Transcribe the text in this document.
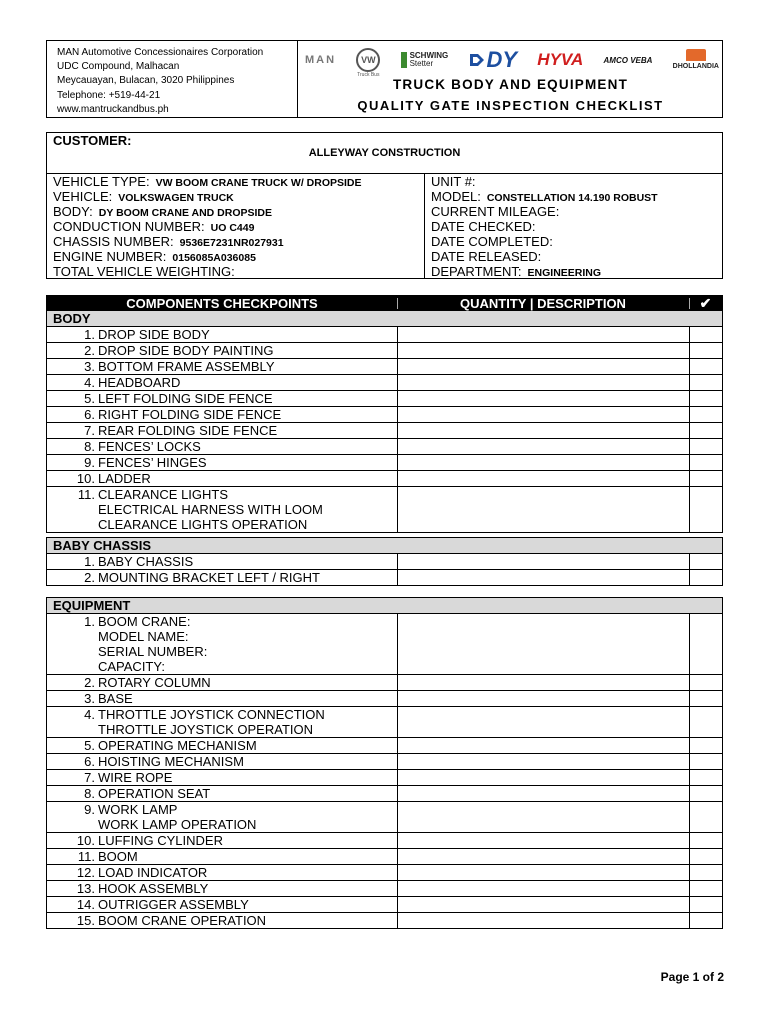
MAN Automotive Concessionaires Corporation
UDC Compound, Malhacan
Meycauayan, Bulacan, 3020 Philippines
Telephone: +519-44-21
www.mantruckandbus.ph
MAN	VW
Truck Bus
SCHWING
Stetter	DY HYVA	AMCO VEBA
DHOLLANDIA
TRUCK BODY AND EQUIPMENT
QUALITY GATE INSPECTION CHECKLIST
CUSTOMER:
ALLEYWAY CONSTRUCTION
VEHICLE TYPE: VW BOOM CRANE TRUCK W/ DROPSIDE
VEHICLE: VOLKSWAGEN TRUCK
BODY: DY BOOM CRANE AND DROPSIDE
CONDUCTION NUMBER: UO C449
CHASSIS NUMBER: 9536E7231NR027931
ENGINE NUMBER: 0156085A036085
TOTAL VEHICLE WEIGHTING:
UNIT #:
MODEL: CONSTELLATION 14.190 ROBUST
CURRENT MILEAGE:
DATE CHECKED:
DATE COMPLETED:
DATE RELEASED:
DEPARTMENT: ENGINEERING
COMPONENTS CHECKPOINTS	QUANTITY | DESCRIPTION	✔
BODY
1. DROP SIDE BODY
2. DROP SIDE BODY PAINTING
3. BOTTOM FRAME ASSEMBLY
4. HEADBOARD
5. LEFT FOLDING SIDE FENCE
6. RIGHT FOLDING SIDE FENCE
7. REAR FOLDING SIDE FENCE
8. FENCES’ LOCKS
9. FENCES’ HINGES
10. LADDER
11. CLEARANCE LIGHTS
ELECTRICAL HARNESS WITH LOOM
CLEARANCE LIGHTS OPERATION
BABY CHASSIS
1. BABY CHASSIS
2. MOUNTING BRACKET LEFT / RIGHT
EQUIPMENT
1. BOOM CRANE:
MODEL NAME:
SERIAL NUMBER:
CAPACITY:
2. ROTARY COLUMN
3. BASE
4. THROTTLE JOYSTICK CONNECTION
THROTTLE JOYSTICK OPERATION
5. OPERATING MECHANISM
6. HOISTING MECHANISM
7. WIRE ROPE
8. OPERATION SEAT
9. WORK LAMP
WORK LAMP OPERATION
10. LUFFING CYLINDER
11. BOOM
12. LOAD INDICATOR
13. HOOK ASSEMBLY
14. OUTRIGGER ASSEMBLY
15. BOOM CRANE OPERATION
Page 1 of 2
